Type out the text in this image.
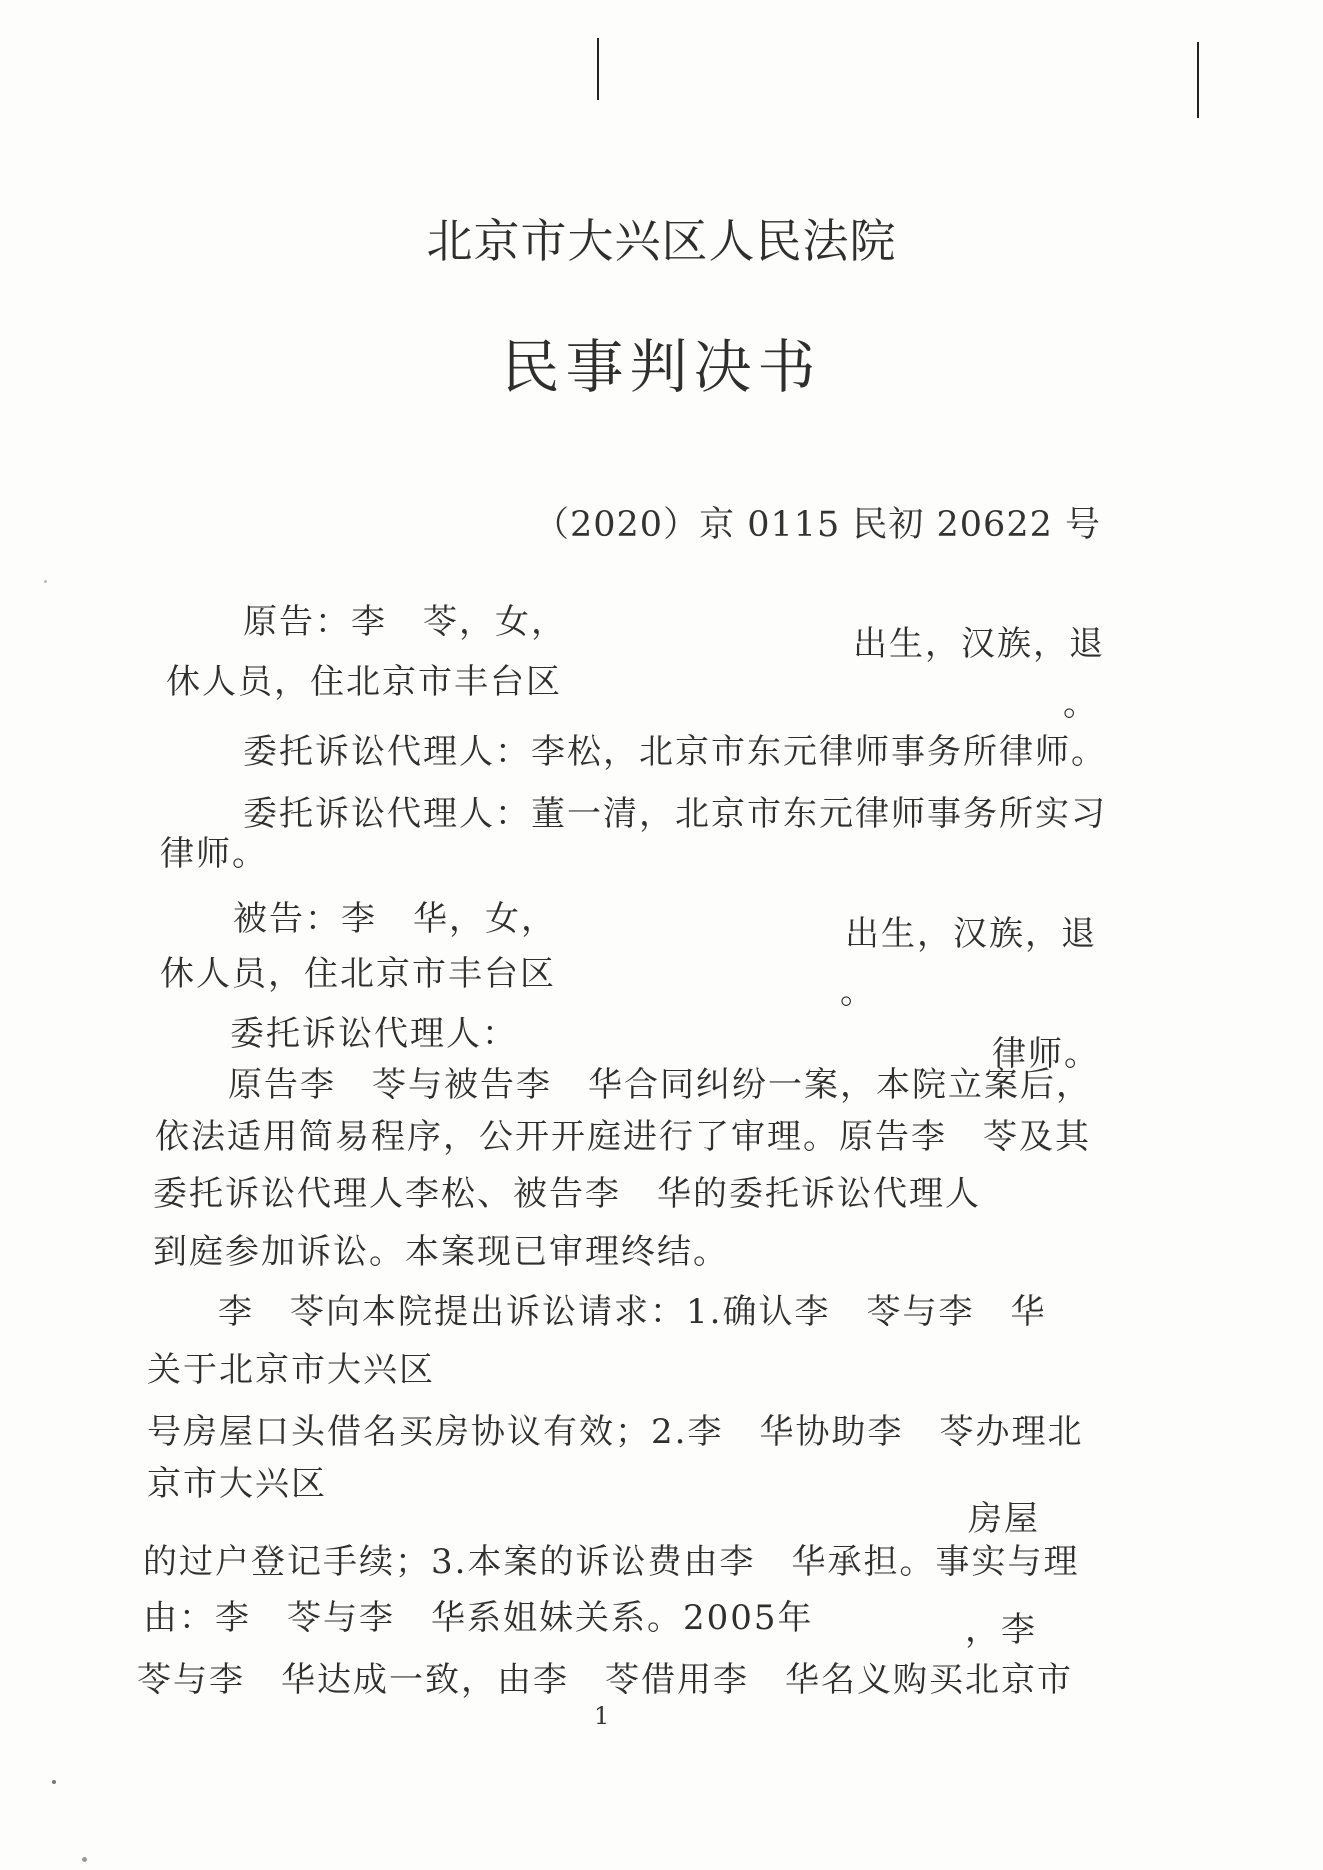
北京市大兴区人民法院
民事判决书
（2020）京 0115 民初 20622 号
原告：李　苓，女，
出生，汉族，退
休人员，住北京市丰台区
。
委托诉讼代理人：李松，北京市东元律师事务所律师。
委托诉讼代理人：董一清，北京市东元律师事务所实习
律师。
被告：李　华，女，	出生，汉族，退
休人员，住北京市丰台区	。
委托诉讼代理人：	律师。
原告李　苓与被告李　华合同纠纷一案，本院立案后，
依法适用简易程序，公开开庭进行了审理。原告李　苓及其
委托诉讼代理人李松、被告李　华的委托诉讼代理人
到庭参加诉讼。本案现已审理终结。
李　苓向本院提出诉讼请求：1.确认李　苓与李　华
关于北京市大兴区
号房屋口头借名买房协议有效；2.李　华协助李　苓办理北
京市大兴区
房屋
的过户登记手续；3.本案的诉讼费由李　华承担。事实与理
由：李　苓与李　华系姐妹关系。2005年	，李
苓与李　华达成一致，由李　苓借用李　华名义购买北京市
1
